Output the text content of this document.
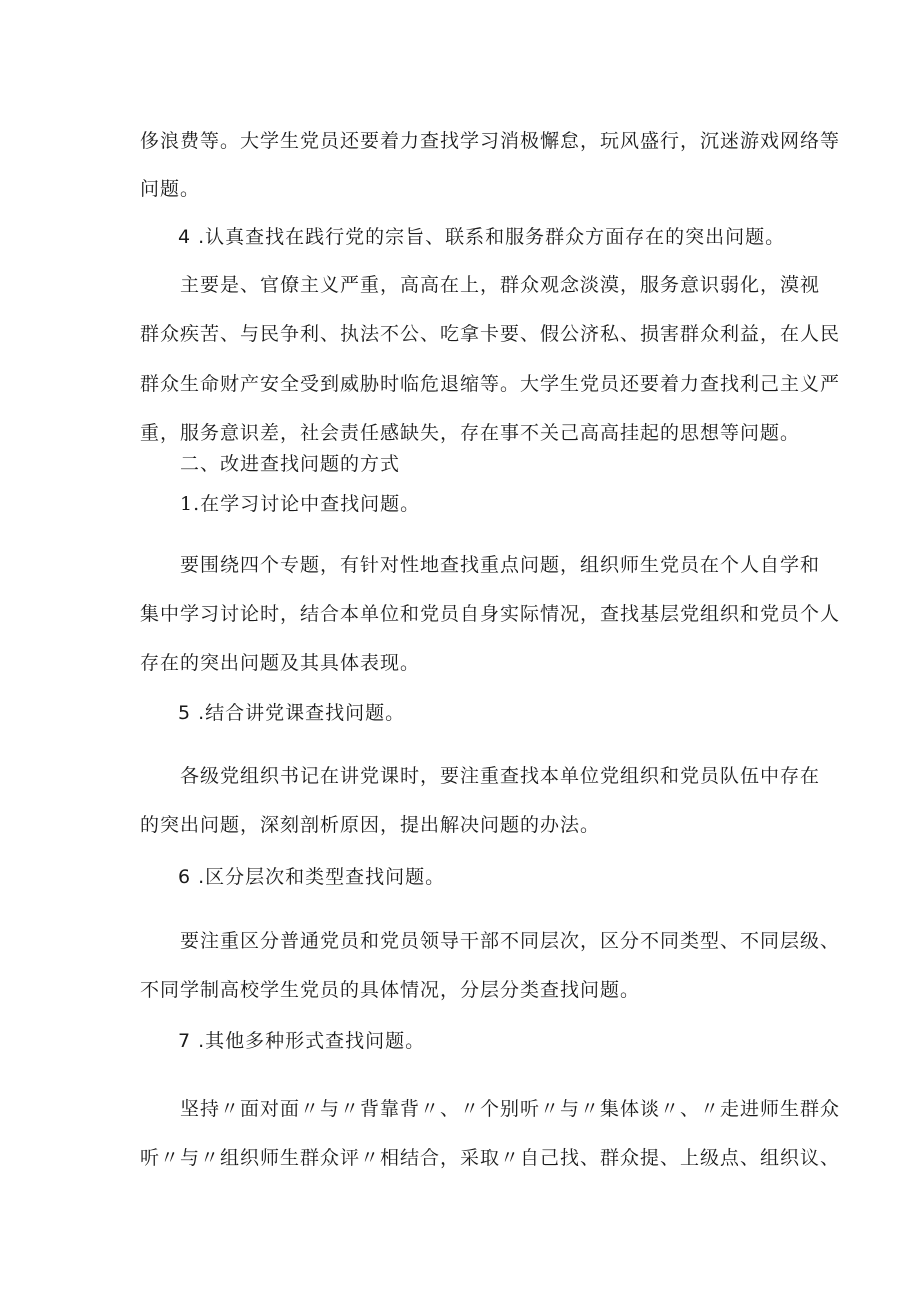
侈浪费等。大学生党员还要着力查找学习消极懈怠，玩风盛行，沉迷游戏网络等
问题。
4 .认真查找在践行党的宗旨、联系和服务群众方面存在的突出问题。
主要是、官僚主义严重，高高在上，群众观念淡漠，服务意识弱化，漠视
群众疾苦、与民争利、执法不公、吃拿卡要、假公济私、损害群众利益，在人民
群众生命财产安全受到威胁时临危退缩等。大学生党员还要着力查找利己主义严
重，服务意识差，社会责任感缺失，存在事不关己高高挂起的思想等问题。
二、改进查找问题的方式
1.在学习讨论中查找问题。
要围绕四个专题，有针对性地查找重点问题，组织师生党员在个人自学和
集中学习讨论时，结合本单位和党员自身实际情况，查找基层党组织和党员个人
存在的突出问题及其具体表现。
5 .结合讲党课查找问题。
各级党组织书记在讲党课时，要注重查找本单位党组织和党员队伍中存在
的突出问题，深刻剖析原因，提出解决问题的办法。
6 .区分层次和类型查找问题。
要注重区分普通党员和党员领导干部不同层次，区分不同类型、不同层级、
不同学制高校学生党员的具体情况，分层分类查找问题。
7 .其他多种形式查找问题。
坚持〃面对面〃与〃背靠背〃、〃个别听〃与〃集体谈〃、〃走进师生群众
听〃与〃组织师生群众评〃相结合，采取〃自己找、群众提、上级点、组织议、
